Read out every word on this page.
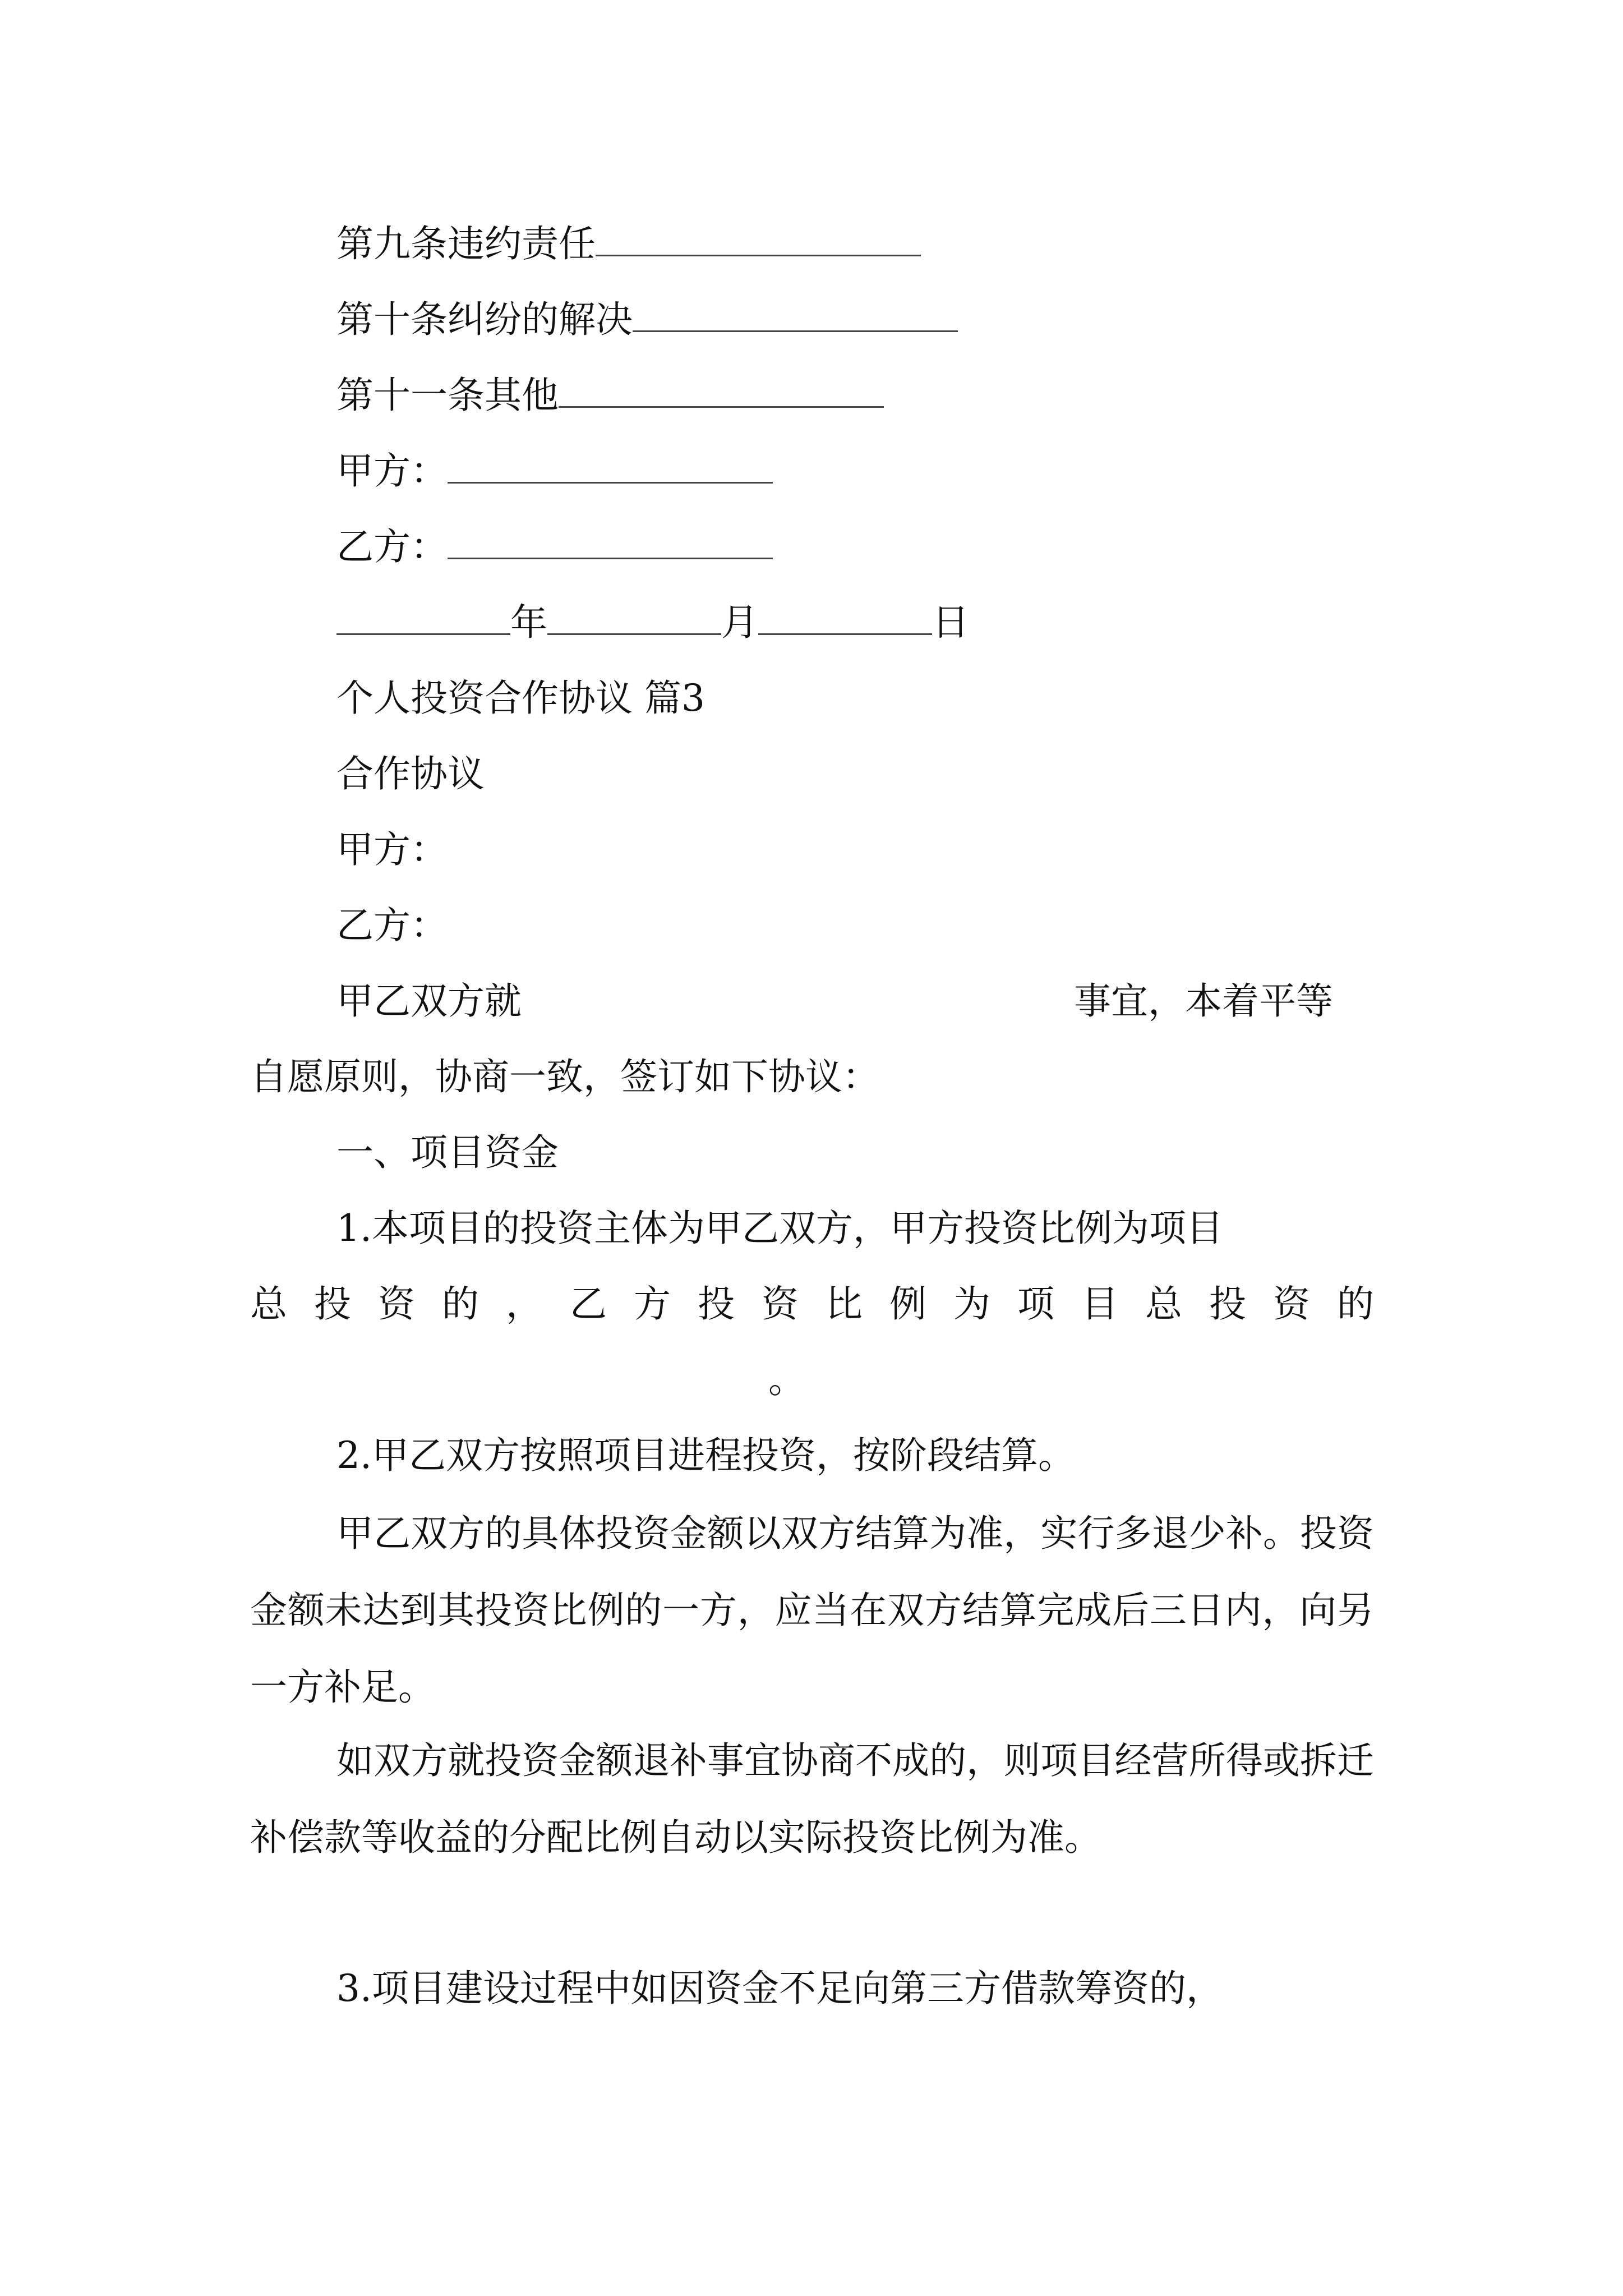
第九条违约责任
第十条纠纷的解决
第十一条其他
甲方：
乙方：
年	月	日
个人投资合作协议 篇3
合作协议
甲方：
乙方：
甲乙双方就	事宜，本着平等
自愿原则，协商一致，签订如下协议：
一、项目资金
1.本项目的投资主体为甲乙双方，甲方投资比例为项目
总 投 资 的 ， 乙 方 投 资 比 例 为 项 目 总 投 资 的
。
2.甲乙双方按照项目进程投资，按阶段结算。
甲乙双方的具体投资金额以双方结算为准，实行多退少补。投资金额未达到其投资比例的一方，应当在双方结算完成后三日内，向另一方补足。
如双方就投资金额退补事宜协商不成的，则项目经营所得或拆迁补偿款等收益的分配比例自动以实际投资比例为准。
3.项目建设过程中如因资金不足向第三方借款筹资的，
